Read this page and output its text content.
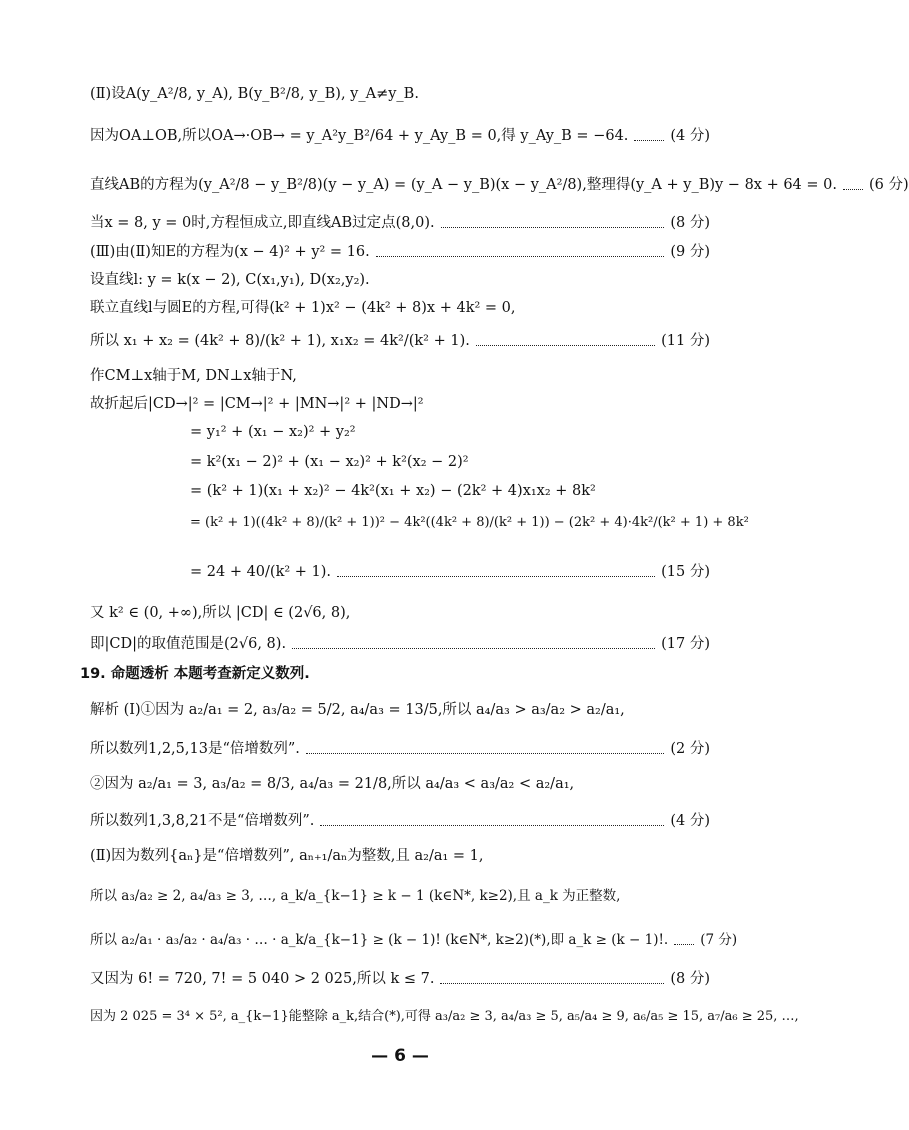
(Ⅱ)设A(y_A²/8, y_A), B(y_B²/8, y_B), y_A≠y_B.
因为OA⊥OB,所以OA→·OB→ = y_A²y_B²/64 + y_Ay_B = 0,得 y_Ay_B = −64.	(4 分)
直线AB的方程为(y_A²/8 − y_B²/8)(y − y_A) = (y_A − y_B)(x − y_A²/8),整理得(y_A + y_B)y − 8x + 64 = 0. (6 分)
当x = 8, y = 0时,方程恒成立,即直线AB过定点(8,0).	(8 分)
(Ⅲ)由(Ⅱ)知E的方程为(x − 4)² + y² = 16.	(9 分)
设直线l: y = k(x − 2), C(x₁,y₁), D(x₂,y₂).
联立直线l与圆E的方程,可得(k² + 1)x² − (4k² + 8)x + 4k² = 0,
所以 x₁ + x₂ = (4k² + 8)/(k² + 1), x₁x₂ = 4k²/(k² + 1).	(11 分)
作CM⊥x轴于M, DN⊥x轴于N,
故折起后|CD→|² = |CM→|² + |MN→|² + |ND→|²
= y₁² + (x₁ − x₂)² + y₂²
= k²(x₁ − 2)² + (x₁ − x₂)² + k²(x₂ − 2)²
= (k² + 1)(x₁ + x₂)² − 4k²(x₁ + x₂) − (2k² + 4)x₁x₂ + 8k²
= (k² + 1)((4k² + 8)/(k² + 1))² − 4k²((4k² + 8)/(k² + 1)) − (2k² + 4)·4k²/(k² + 1) + 8k²
= 24 + 40/(k² + 1).	(15 分)
又 k² ∈ (0, +∞),所以 |CD| ∈ (2√6, 8),
即|CD|的取值范围是(2√6, 8).	(17 分)
19. 命题透析 本题考查新定义数列.
解析 (Ⅰ)①因为 a₂/a₁ = 2, a₃/a₂ = 5/2, a₄/a₃ = 13/5,所以 a₄/a₃ > a₃/a₂ > a₂/a₁,
所以数列1,2,5,13是“倍增数列”.	(2 分)
②因为 a₂/a₁ = 3, a₃/a₂ = 8/3, a₄/a₃ = 21/8,所以 a₄/a₃ < a₃/a₂ < a₂/a₁,
所以数列1,3,8,21不是“倍增数列”.	(4 分)
(Ⅱ)因为数列{aₙ}是“倍增数列”, aₙ₊₁/aₙ为整数,且 a₂/a₁ = 1,
所以 a₃/a₂ ≥ 2, a₄/a₃ ≥ 3, …, a_k/a_{k−1} ≥ k − 1 (k∈N*, k≥2),且 a_k 为正整数,
所以 a₂/a₁ · a₃/a₂ · a₄/a₃ · … · a_k/a_{k−1} ≥ (k − 1)! (k∈N*, k≥2)(*),即 a_k ≥ (k − 1)!. (7 分)
又因为 6! = 720, 7! = 5 040 > 2 025,所以 k ≤ 7.	(8 分)
因为 2 025 = 3⁴ × 5², a_{k−1}能整除 a_k,结合(*),可得 a₃/a₂ ≥ 3, a₄/a₃ ≥ 5, a₅/a₄ ≥ 9, a₆/a₅ ≥ 15, a₇/a₆ ≥ 25, …,
— 6 —
